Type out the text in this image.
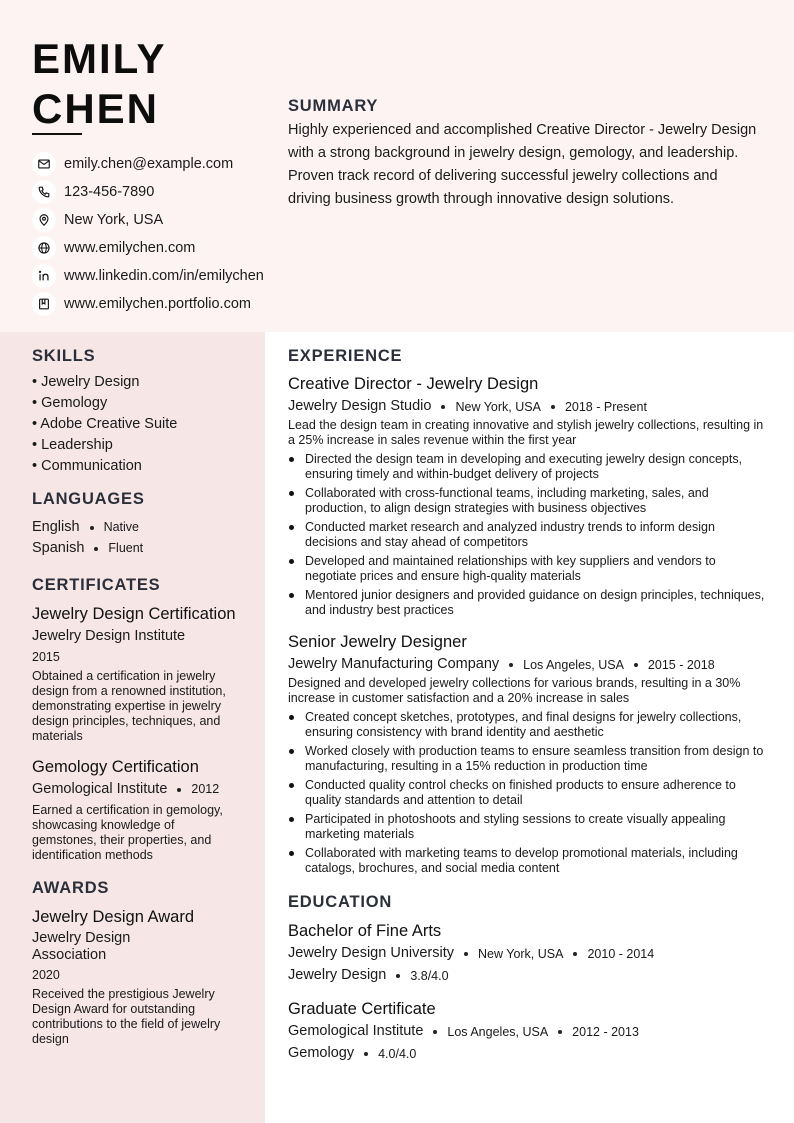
EMILY
CHEN
emily.chen@example.com
123-456-7890
New York, USA
www.emilychen.com
www.linkedin.com/in/emilychen
www.emilychen.portfolio.com
SUMMARY
Highly experienced and accomplished Creative Director - Jewelry Design with a strong background in jewelry design, gemology, and leadership. Proven track record of delivering successful jewelry collections and driving business growth through innovative design solutions.
SKILLS
• Jewelry Design
• Gemology
• Adobe Creative Suite
• Leadership
• Communication
LANGUAGES
English Native
Spanish Fluent
CERTIFICATES
Jewelry Design Certification
Jewelry Design Institute
2015
Obtained a certification in jewelry design from a renowned institution, demonstrating expertise in jewelry design principles, techniques, and materials
Gemology Certification
Gemological Institute 2012
Earned a certification in gemology, showcasing knowledge of gemstones, their properties, and identification methods
AWARDS
Jewelry Design Award
Jewelry Design Association
2020
Received the prestigious Jewelry Design Award for outstanding contributions to the field of jewelry design
EXPERIENCE
Creative Director - Jewelry Design
Jewelry Design Studio New York, USA 2018 - Present
Lead the design team in creating innovative and stylish jewelry collections, resulting in a 25% increase in sales revenue within the first year
Directed the design team in developing and executing jewelry design concepts, ensuring timely and within-budget delivery of projects
Collaborated with cross-functional teams, including marketing, sales, and production, to align design strategies with business objectives
Conducted market research and analyzed industry trends to inform design decisions and stay ahead of competitors
Developed and maintained relationships with key suppliers and vendors to negotiate prices and ensure high-quality materials
Mentored junior designers and provided guidance on design principles, techniques, and industry best practices
Senior Jewelry Designer
Jewelry Manufacturing Company Los Angeles, USA 2015 - 2018
Designed and developed jewelry collections for various brands, resulting in a 30% increase in customer satisfaction and a 20% increase in sales
Created concept sketches, prototypes, and final designs for jewelry collections, ensuring consistency with brand identity and aesthetic
Worked closely with production teams to ensure seamless transition from design to manufacturing, resulting in a 15% reduction in production time
Conducted quality control checks on finished products to ensure adherence to quality standards and attention to detail
Participated in photoshoots and styling sessions to create visually appealing marketing materials
Collaborated with marketing teams to develop promotional materials, including catalogs, brochures, and social media content
EDUCATION
Bachelor of Fine Arts
Jewelry Design University New York, USA 2010 - 2014
Jewelry Design 3.8/4.0
Graduate Certificate
Gemological Institute Los Angeles, USA 2012 - 2013
Gemology 4.0/4.0
